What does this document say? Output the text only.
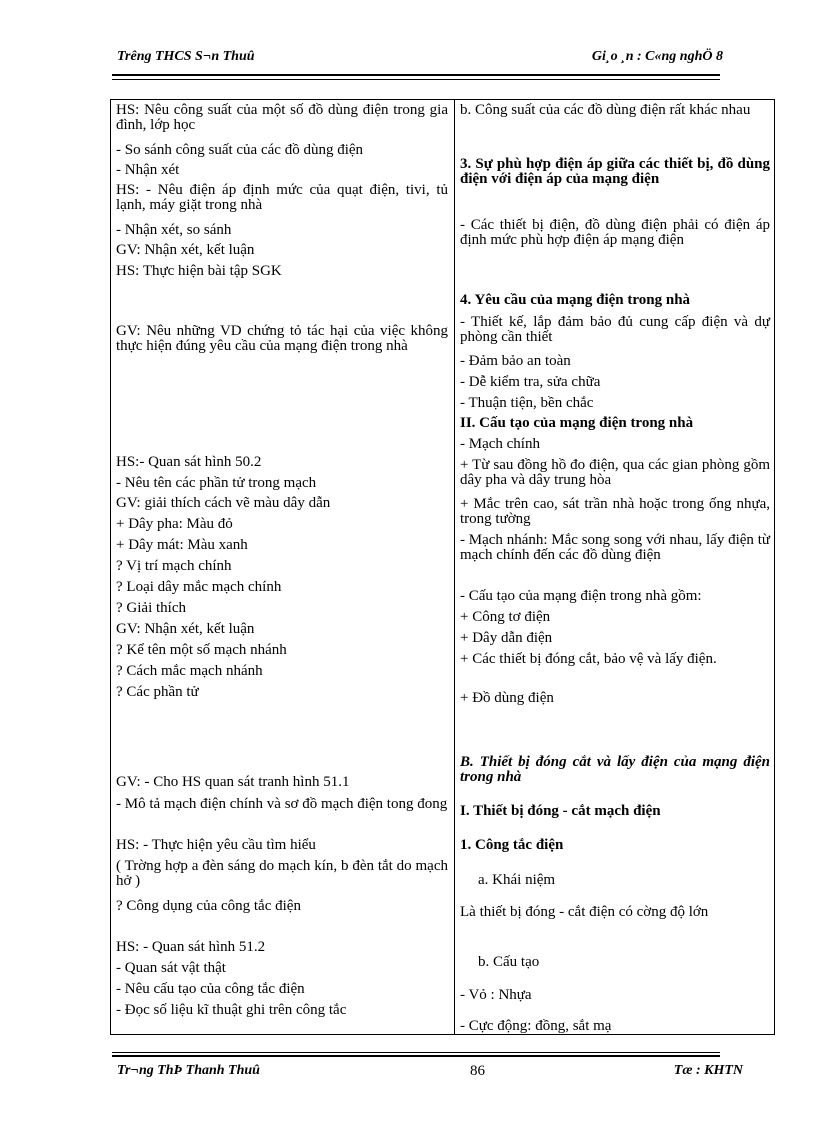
Trêng THCS S¬n Thuû	Gi¸o ¸n : C«ng nghÖ 8
HS: Nêu công suất của một số đồ dùng điện trong gia đình, lớp học
- So sánh công suất của các đồ dùng điện
- Nhận xét
HS: - Nêu điện áp định mức của quạt điện, tivi, tủ lạnh, máy giặt trong nhà
- Nhận xét, so sánh
GV: Nhận xét, kết luận
HS: Thực hiện bài tập SGK
GV: Nêu những VD chứng tỏ tác hại của việc không thực hiện đúng yêu cầu của mạng điện trong nhà
HS:- Quan sát hình 50.2
- Nêu tên các phần tử trong mạch
GV: giải thích cách vẽ màu dây dẫn
+ Dây pha: Màu đỏ
+ Dây mát: Màu xanh
? Vị trí mạch chính
? Loại dây mắc mạch chính
? Giải thích
GV: Nhận xét, kết luận
? Kể tên một số mạch nhánh
? Cách mắc mạch nhánh
? Các phần tử
GV: - Cho HS quan sát tranh hình 51.1
- Mô tả mạch điện chính và sơ đồ mạch điện tong đong
HS: - Thực hiện yêu cầu tìm hiểu
( Trờng hợp a đèn sáng do mạch kín, b đèn tắt do mạch hở )
? Công dụng của công tắc điện
HS: - Quan sát hình 51.2
- Quan sát vật thật
- Nêu cấu tạo của công tắc điện
- Đọc số liệu kĩ thuật ghi trên công tắc
b. Công suất của các đồ dùng điện rất khác nhau
3. Sự phù hợp điện áp giữa các thiết bị, đồ dùng điện với điện áp của mạng điện
- Các thiết bị điện, đồ dùng điện phải có điện áp định mức phù hợp điện áp mạng điện
4. Yêu cầu của mạng điện trong nhà
- Thiết kế, lắp đảm bảo đủ cung cấp điện và dự phòng cần thiết
- Đảm bảo an toàn
- Dễ kiểm tra, sửa chữa
- Thuận tiện, bền chắc
II. Cấu tạo của mạng điện trong nhà
- Mạch chính
+ Từ sau đồng hồ đo điện, qua các gian phòng gồm dây pha và dây trung hòa
+ Mắc trên cao, sát trần nhà hoặc trong ống nhựa, trong tường
- Mạch nhánh: Mắc song song với nhau, lấy điện từ mạch chính đến các đồ dùng điện
- Cấu tạo của mạng điện trong nhà gồm:
+ Công tơ điện
+ Dây dẫn điện
+ Các thiết bị đóng cắt, bảo vệ và lấy điện.
+ Đồ dùng điện
B. Thiết bị đóng cắt và lấy điện của mạng điện trong nhà
I. Thiết bị đóng - cắt mạch điện
1. Công tắc điện
a. Khái niệm
Là thiết bị đóng - cắt điện có cờng độ lớn
b. Cấu tạo
- Vỏ : Nhựa
- Cực động: đồng, sắt mạ
Tr¬ng ThÞ Thanh Thuû	86	Tæ : KHTN
